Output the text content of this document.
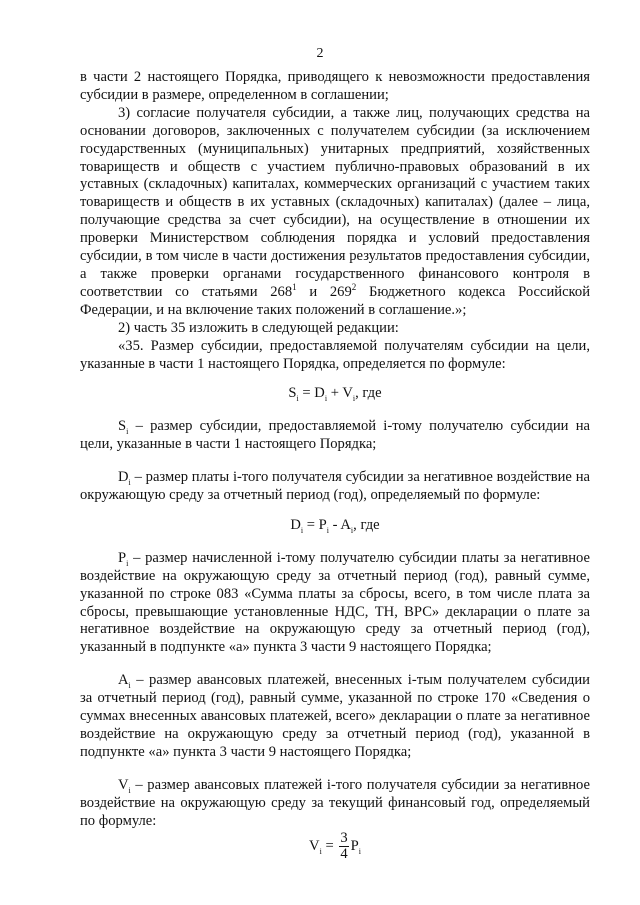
2

в части 2 настоящего Порядка, приводящего к невозможности предоставления субсидии в размере, определенном в соглашении;

3) согласие получателя субсидии, а также лиц, получающих средства на основании договоров, заключенных с получателем субсидии (за исключением государственных (муниципальных) унитарных предприятий, хозяйственных товариществ и обществ с участием публично-правовых образований в их уставных (складочных) капиталах, коммерческих организаций с участием таких товариществ и обществ в их уставных (складочных) капиталах) (далее – лица, получающие средства за счет субсидии), на осуществление в отношении их проверки Министерством соблюдения порядка и условий предоставления субсидии, в том числе в части достижения результатов предоставления субсидии, а также проверки органами государственного финансового контроля в соответствии со статьями $268^1$ и $269^2$ Бюджетного кодекса Российской Федерации, и на включение таких положений в соглашение.»;

2) часть 35 изложить в следующей редакции:

«35. Размер субсидии, предоставляемой получателям субсидии на цели, указанные в части 1 настоящего Порядка, определяется по формуле:

$S_i = D_i + V_i$, где

$S_i$ – размер субсидии, предоставляемой i-тому получателю субсидии на цели, указанные в части 1 настоящего Порядка;

$D_i$ – размер платы i-того получателя субсидии за негативное воздействие на окружающую среду за отчетный период (год), определяемый по формуле:

$D_i = P_i - A_i$, где

$P_i$ – размер начисленной i-тому получателю субсидии платы за негативное воздействие на окружающую среду за отчетный период (год), равный сумме, указанной по строке 083 «Сумма платы за сбросы, всего, в том числе плата за сбросы, превышающие установленные НДС, ТН, ВРС» декларации о плате за негативное воздействие на окружающую среду за отчетный период (год), указанный в подпункте «а» пункта 3 части 9 настоящего Порядка;

$A_i$ – размер авансовых платежей, внесенных i-тым получателем субсидии за отчетный период (год), равный сумме, указанной по строке 170 «Сведения о суммах внесенных авансовых платежей, всего» декларации о плате за негативное воздействие на окружающую среду за отчетный период (год), указанной в подпункте «а» пункта 3 части 9 настоящего Порядка;

$V_i$ – размер авансовых платежей i-того получателя субсидии за негативное воздействие на окружающую среду за текущий финансовый год, определяемый по формуле:

$V_i = \frac{3}{4} P_i$
